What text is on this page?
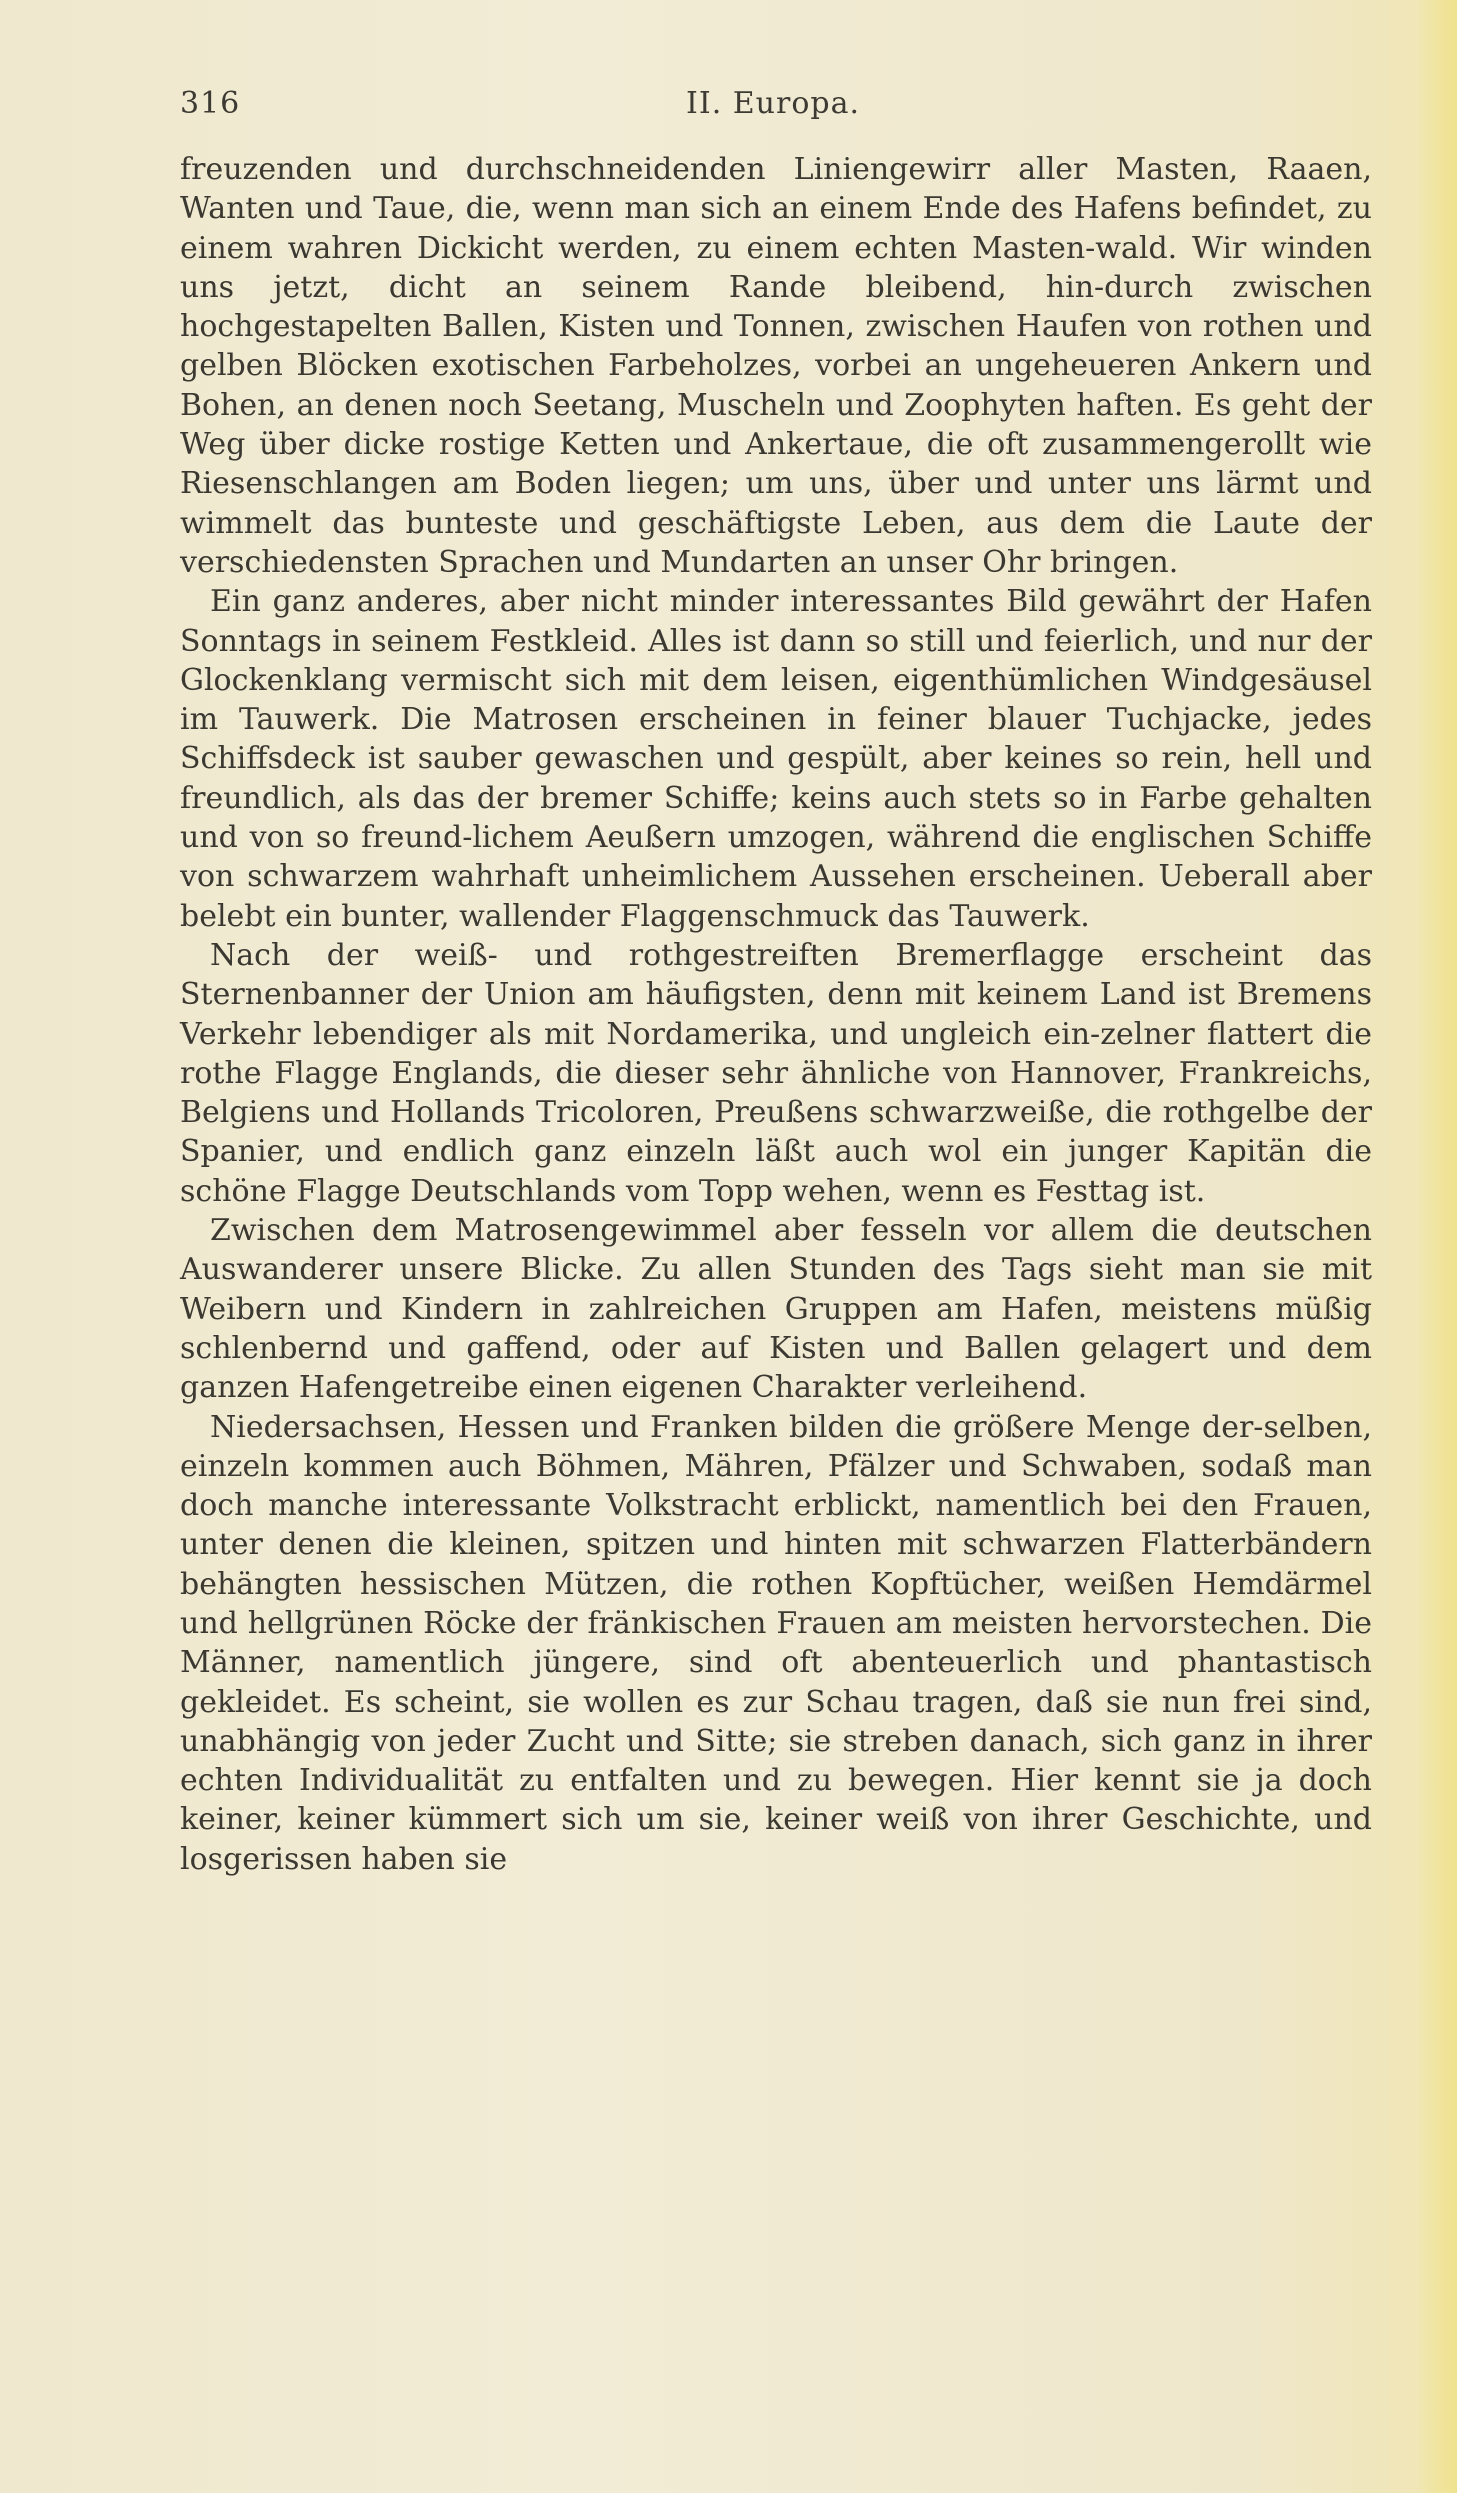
316	II. Europa.

freuzenden und durchschneidenden Liniengewirr aller Masten, Raaen, Wanten und Taue, die, wenn man sich an einem Ende des Hafens befindet, zu einem wahren Dickicht werden, zu einem echten Masten-wald. Wir winden uns jetzt, dicht an seinem Rande bleibend, hin-durch zwischen hochgestapelten Ballen, Kisten und Tonnen, zwischen Haufen von rothen und gelben Blöcken exotischen Farbeholzes, vorbei an ungeheueren Ankern und Bohen, an denen noch Seetang, Muscheln und Zoophyten haften. Es geht der Weg über dicke rostige Ketten und Ankertaue, die oft zusammengerollt wie Riesenschlangen am Boden liegen; um uns, über und unter uns lärmt und wimmelt das bunteste und geschäftigste Leben, aus dem die Laute der verschiedensten Sprachen und Mundarten an unser Ohr bringen.

Ein ganz anderes, aber nicht minder interessantes Bild gewährt der Hafen Sonntags in seinem Festkleid. Alles ist dann so still und feierlich, und nur der Glockenklang vermischt sich mit dem leisen, eigenthümlichen Windgesäusel im Tauwerk. Die Matrosen erscheinen in feiner blauer Tuchjacke, jedes Schiffsdeck ist sauber gewaschen und gespült, aber keines so rein, hell und freundlich, als das der bremer Schiffe; keins auch stets so in Farbe gehalten und von so freund-lichem Aeußern umzogen, während die englischen Schiffe von schwarzem wahrhaft unheimlichem Aussehen erscheinen. Ueberall aber belebt ein bunter, wallender Flaggenschmuck das Tauwerk.

Nach der weiß- und rothgestreiften Bremerflagge erscheint das Sternenbanner der Union am häufigsten, denn mit keinem Land ist Bremens Verkehr lebendiger als mit Nordamerika, und ungleich ein-zelner flattert die rothe Flagge Englands, die dieser sehr ähnliche von Hannover, Frankreichs, Belgiens und Hollands Tricoloren, Preußens schwarzweiße, die rothgelbe der Spanier, und endlich ganz einzeln läßt auch wol ein junger Kapitän die schöne Flagge Deutschlands vom Topp wehen, wenn es Festtag ist.

Zwischen dem Matrosengewimmel aber fesseln vor allem die deutschen Auswanderer unsere Blicke. Zu allen Stunden des Tags sieht man sie mit Weibern und Kindern in zahlreichen Gruppen am Hafen, meistens müßig schlenbernd und gaffend, oder auf Kisten und Ballen gelagert und dem ganzen Hafengetreibe einen eigenen Charakter verleihend.

Niedersachsen, Hessen und Franken bilden die größere Menge der-selben, einzeln kommen auch Böhmen, Mähren, Pfälzer und Schwaben, sodaß man doch manche interessante Volkstracht erblickt, namentlich bei den Frauen, unter denen die kleinen, spitzen und hinten mit schwarzen Flatterbändern behängten hessischen Mützen, die rothen Kopftücher, weißen Hemdärmel und hellgrünen Röcke der fränkischen Frauen am meisten hervorstechen. Die Männer, namentlich jüngere, sind oft abenteuerlich und phantastisch gekleidet. Es scheint, sie wollen es zur Schau tragen, daß sie nun frei sind, unabhängig von jeder Zucht und Sitte; sie streben danach, sich ganz in ihrer echten Individualität zu entfalten und zu bewegen. Hier kennt sie ja doch keiner, keiner kümmert sich um sie, keiner weiß von ihrer Geschichte, und losgerissen haben sie
